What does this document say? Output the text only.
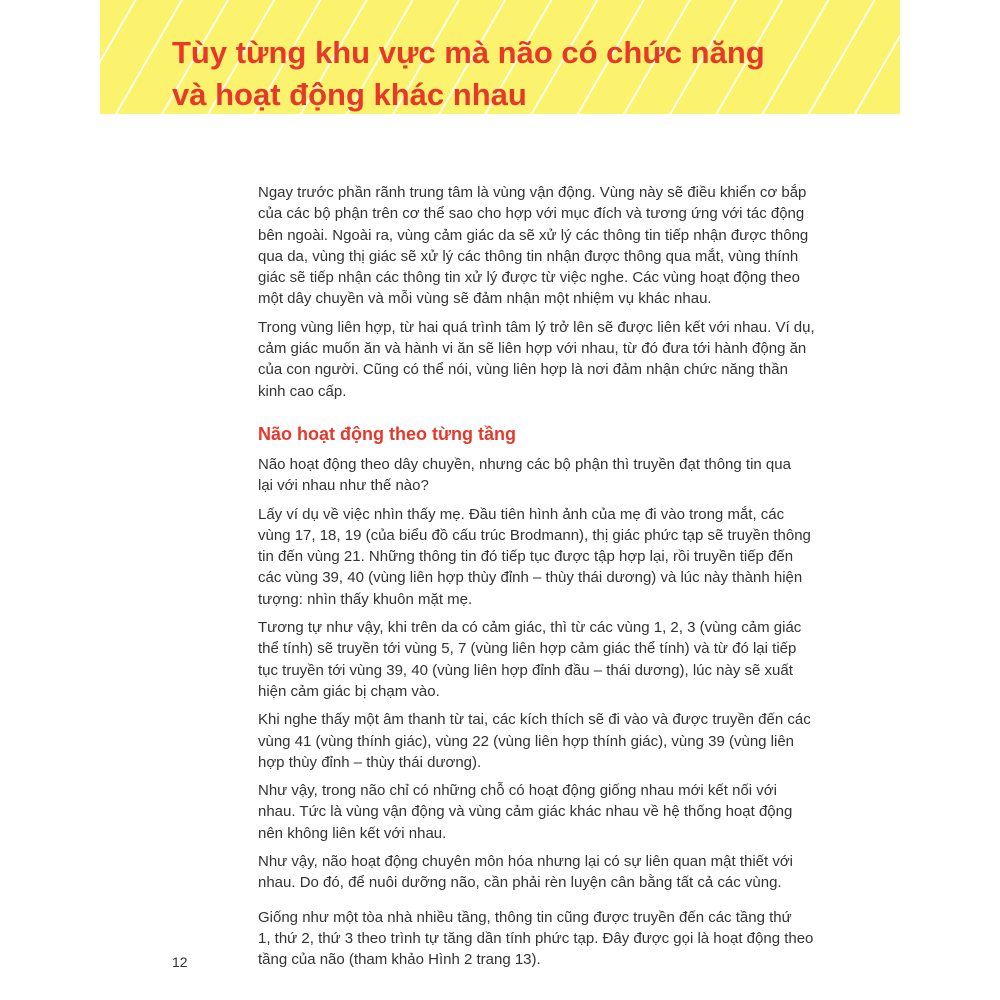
Tùy từng khu vực mà não có chức năng
và hoạt động khác nhau
Ngay trước phần rãnh trung tâm là vùng vận động. Vùng này sẽ điều khiển cơ bắp
của các bộ phận trên cơ thể sao cho hợp với mục đích và tương ứng với tác động
bên ngoài. Ngoài ra, vùng cảm giác da sẽ xử lý các thông tin tiếp nhận được thông
qua da, vùng thị giác sẽ xử lý các thông tin nhận được thông qua mắt, vùng thính
giác sẽ tiếp nhận các thông tin xử lý được từ việc nghe. Các vùng hoạt động theo
một dây chuyền và mỗi vùng sẽ đảm nhận một nhiệm vụ khác nhau.
Trong vùng liên hợp, từ hai quá trình tâm lý trở lên sẽ được liên kết với nhau. Ví dụ,
cảm giác muốn ăn và hành vi ăn sẽ liên hợp với nhau, từ đó đưa tới hành động ăn
của con người. Cũng có thể nói, vùng liên hợp là nơi đảm nhận chức năng thần
kinh cao cấp.
Não hoạt động theo từng tầng
Não hoạt động theo dây chuyền, nhưng các bộ phận thì truyền đạt thông tin qua
lại với nhau như thế nào?
Lấy ví dụ về việc nhìn thấy mẹ. Đầu tiên hình ảnh của mẹ đi vào trong mắt, các
vùng 17, 18, 19 (của biểu đồ cấu trúc Brodmann), thị giác phức tạp sẽ truyền thông
tin đến vùng 21. Những thông tin đó tiếp tục được tập hợp lại, rồi truyền tiếp đến
các vùng 39, 40 (vùng liên hợp thùy đỉnh – thùy thái dương) và lúc này thành hiện
tượng: nhìn thấy khuôn mặt mẹ.
Tương tự như vậy, khi trên da có cảm giác, thì từ các vùng 1, 2, 3 (vùng cảm giác
thể tính) sẽ truyền tới vùng 5, 7 (vùng liên hợp cảm giác thể tính) và từ đó lại tiếp
tục truyền tới vùng 39, 40 (vùng liên hợp đỉnh đầu – thái dương), lúc này sẽ xuất
hiện cảm giác bị chạm vào.
Khi nghe thấy một âm thanh từ tai, các kích thích sẽ đi vào và được truyền đến các
vùng 41 (vùng thính giác), vùng 22 (vùng liên hợp thính giác), vùng 39 (vùng liên
hợp thùy đỉnh – thùy thái dương).
Như vậy, trong não chỉ có những chỗ có hoạt động giống nhau mới kết nối với
nhau. Tức là vùng vận động và vùng cảm giác khác nhau về hệ thống hoạt động
nên không liên kết với nhau.
Như vậy, não hoạt động chuyên môn hóa nhưng lại có sự liên quan mật thiết với
nhau. Do đó, để nuôi dưỡng não, cần phải rèn luyện cân bằng tất cả các vùng.
Giống như một tòa nhà nhiều tầng, thông tin cũng được truyền đến các tầng thứ
1, thứ 2, thứ 3 theo trình tự tăng dần tính phức tạp. Đây được gọi là hoạt động theo
tầng của não (tham khảo Hình 2 trang 13).
12
